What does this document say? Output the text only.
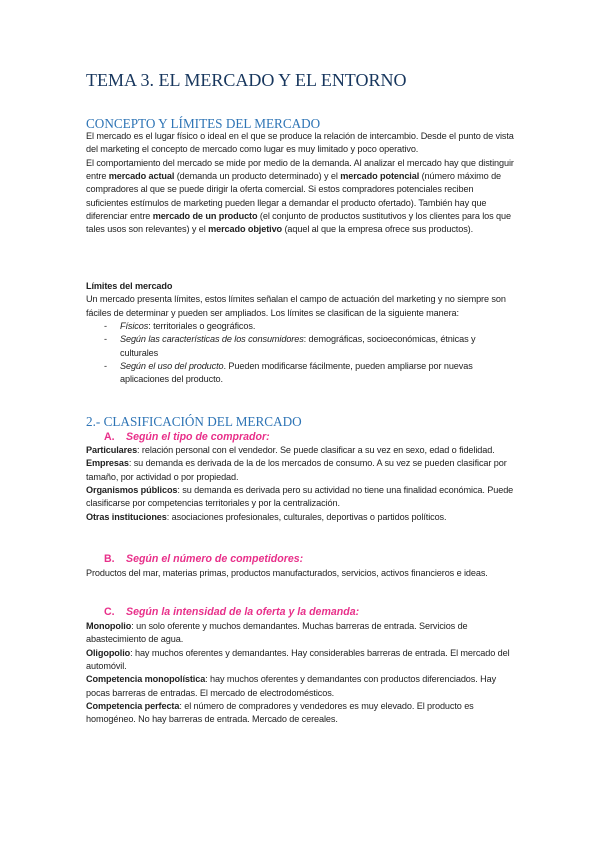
TEMA 3. EL MERCADO Y EL ENTORNO
CONCEPTO Y LÍMITES DEL MERCADO

El mercado es el lugar físico o ideal en el que se produce la relación de intercambio. Desde el punto de vista del marketing el concepto de mercado como lugar es muy limitado y poco operativo.

El comportamiento del mercado se mide por medio de la demanda. Al analizar el mercado hay que distinguir entre mercado actual (demanda un producto determinado) y el mercado potencial (número máximo de compradores al que se puede dirigir la oferta comercial. Si estos compradores potenciales reciben suficientes estímulos de marketing pueden llegar a demandar el producto ofertado). También hay que diferenciar entre mercado de un producto (el conjunto de productos sustitutivos y los clientes para los que tales usos son relevantes) y el mercado objetivo (aquel al que la empresa ofrece sus productos).

Límites del mercado

Un mercado presenta límites, estos límites señalan el campo de actuación del marketing y no siempre son fáciles de determinar y pueden ser ampliados. Los límites se clasifican de la siguiente manera:

- Físicos: territoriales o geográficos.
- Según las características de los consumidores: demográficas, socioeconómicas, étnicas y culturales
- Según el uso del producto. Pueden modificarse fácilmente, pueden ampliarse por nuevas aplicaciones del producto.
2.- CLASIFICACIÓN DEL MERCADO
A. Según el tipo de comprador:

Particulares: relación personal con el vendedor. Se puede clasificar a su vez en sexo, edad o fidelidad.

Empresas: su demanda es derivada de la de los mercados de consumo. A su vez se pueden clasificar por tamaño, por actividad o por propiedad.

Organismos públicos: su demanda es derivada pero su actividad no tiene una finalidad económica. Puede clasificarse por competencias territoriales y por la centralización.

Otras instituciones: asociaciones profesionales, culturales, deportivas o partidos políticos.

B. Según el número de competidores:

Productos del mar, materias primas, productos manufacturados, servicios, activos financieros e ideas.

C. Según la intensidad de la oferta y la demanda:

Monopolio: un solo oferente y muchos demandantes. Muchas barreras de entrada. Servicios de abastecimiento de agua.

Oligopolio: hay muchos oferentes y demandantes. Hay considerables barreras de entrada. El mercado del automóvil.

Competencia monopolística: hay muchos oferentes y demandantes con productos diferenciados. Hay pocas barreras de entradas. El mercado de electrodomésticos.

Competencia perfecta: el número de compradores y vendedores es muy elevado. El producto es homogéneo. No hay barreras de entrada. Mercado de cereales.
